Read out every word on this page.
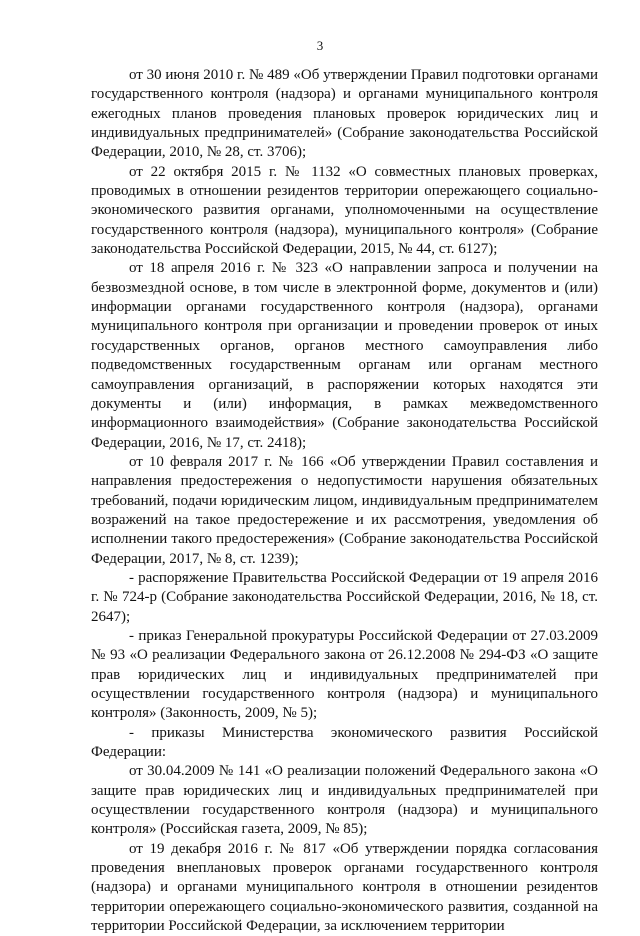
3

от 30 июня 2010 г. № 489 «Об утверждении Правил подготовки органами государственного контроля (надзора) и органами муниципального контроля ежегодных планов проведения плановых проверок юридических лиц и индивидуальных предпринимателей» (Собрание законодательства Российской Федерации, 2010, № 28, ст. 3706);

от 22 октября 2015 г. № 1132 «О совместных плановых проверках, проводимых в отношении резидентов территории опережающего социально-экономического развития органами, уполномоченными на осуществление государственного контроля (надзора), муниципального контроля» (Собрание законодательства Российской Федерации, 2015, № 44, ст. 6127);

от 18 апреля 2016 г. № 323 «О направлении запроса и получении на безвозмездной основе, в том числе в электронной форме, документов и (или) информации органами государственного контроля (надзора), органами муниципального контроля при организации и проведении проверок от иных государственных органов, органов местного самоуправления либо подведомственных государственным органам или органам местного самоуправления организаций, в распоряжении которых находятся эти документы и (или) информация, в рамках межведомственного информационного взаимодействия» (Собрание законодательства Российской Федерации, 2016, № 17, ст. 2418);

от 10 февраля 2017 г. № 166 «Об утверждении Правил составления и направления предостережения о недопустимости нарушения обязательных требований, подачи юридическим лицом, индивидуальным предпринимателем возражений на такое предостережение и их рассмотрения, уведомления об исполнении такого предостережения» (Собрание законодательства Российской Федерации, 2017, № 8, ст. 1239);

- распоряжение Правительства Российской Федерации от 19 апреля 2016 г. № 724-р (Собрание законодательства Российской Федерации, 2016, № 18, ст. 2647);

- приказ Генеральной прокуратуры Российской Федерации от 27.03.2009 № 93 «О реализации Федерального закона от 26.12.2008 № 294-ФЗ «О защите прав юридических лиц и индивидуальных предпринимателей при осуществлении государственного контроля (надзора) и муниципального контроля» (Законность, 2009, № 5);

- приказы Министерства экономического развития Российской Федерации:

от 30.04.2009 № 141 «О реализации положений Федерального закона «О защите прав юридических лиц и индивидуальных предпринимателей при осуществлении государственного контроля (надзора) и муниципального контроля» (Российская газета, 2009, № 85);

от 19 декабря 2016 г. № 817 «Об утверждении порядка согласования проведения внеплановых проверок органами государственного контроля (надзора) и органами муниципального контроля в отношении резидентов территории опережающего социально-экономического развития, созданной на территории Российской Федерации, за исключением территории
